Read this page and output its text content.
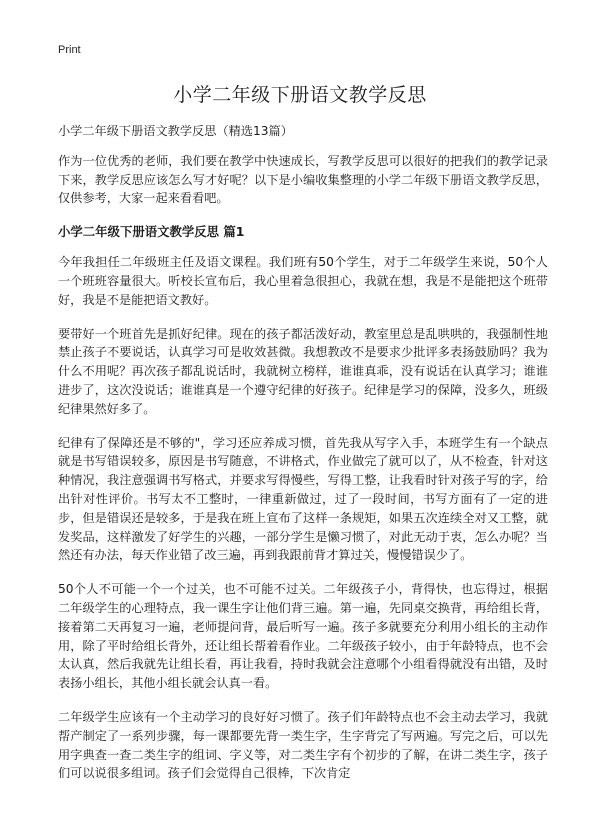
Print
小学二年级下册语文教学反思

小学二年级下册语文教学反思（精选13篇）

作为一位优秀的老师，我们要在教学中快速成长，写教学反思可以很好的把我们的教学记录下来，教学反思应该怎么写才好呢？以下是小编收集整理的小学二年级下册语文教学反思，仅供参考，大家一起来看看吧。

小学二年级下册语文教学反思 篇1

今年我担任二年级班主任及语文课程。我们班有50个学生，对于二年级学生来说，50个人一个班班容量很大。听校长宣布后，我心里着急很担心，我就在想，我是不是能把这个班带好，我是不是能把语文教好。

要带好一个班首先是抓好纪律。现在的孩子都活泼好动，教室里总是乱哄哄的，我强制性地禁止孩子不要说话，认真学习可是收效甚微。我想教改不是要求少批评多表扬鼓励吗？我为什么不用呢？再次孩子都乱说话时，我就树立榜样，谁谁真乖，没有说话在认真学习；谁谁进步了，这次没说话；谁谁真是一个遵守纪律的好孩子。纪律是学习的保障，没多久，班级纪律果然好多了。

纪律有了保障还是不够的"，学习还应养成习惯，首先我从写字入手，本班学生有一个缺点就是书写错误较多，原因是书写随意，不讲格式，作业做完了就可以了，从不检查，针对这种情况，我注意强调书写格式，并要求写得慢些，写得工整，让我看时针对孩子写的字，给出针对性评价。书写太不工整时，一律重新做过，过了一段时间，书写方面有了一定的进步，但是错误还是较多，于是我在班上宣布了这样一条规矩，如果五次连续全对又工整，就发奖品，这样激发了好学生的兴趣，一部分学生是懒习惯了，对此无动于衷，怎么办呢？当然还有办法，每天作业错了改三遍，再到我跟前背才算过关，慢慢错误少了。

50个人不可能一个一个过关，也不可能不过关。二年级孩子小，背得快，也忘得过，根据二年级学生的心理特点，我一课生字让他们背三遍。第一遍，先同桌交换背，再给组长背，接着第二天再复习一遍，老师提问背，最后听写一遍。孩子多就要充分利用小组长的主动作用，除了平时给组长背外，还让组长帮着看作业。二年级孩子较小，由于年龄特点，也不会太认真，然后我就先让组长看，再让我看，持时我就会注意哪个小组看得就没有出错，及时表扬小组长，其他小组长就会认真一看。

二年级学生应该有一个主动学习的良好好习惯了。孩子们年龄特点也不会主动去学习，我就帮产制定了一系列步骤，每一课都要先背一类生字，生字背完了写两遍。写完之后，可以先用字典查一查二类生字的组词、字义等，对二类生字有个初步的了解，在讲二类生字，孩子们可以说很多组词。孩子们会觉得自己很棒，下次肯定
